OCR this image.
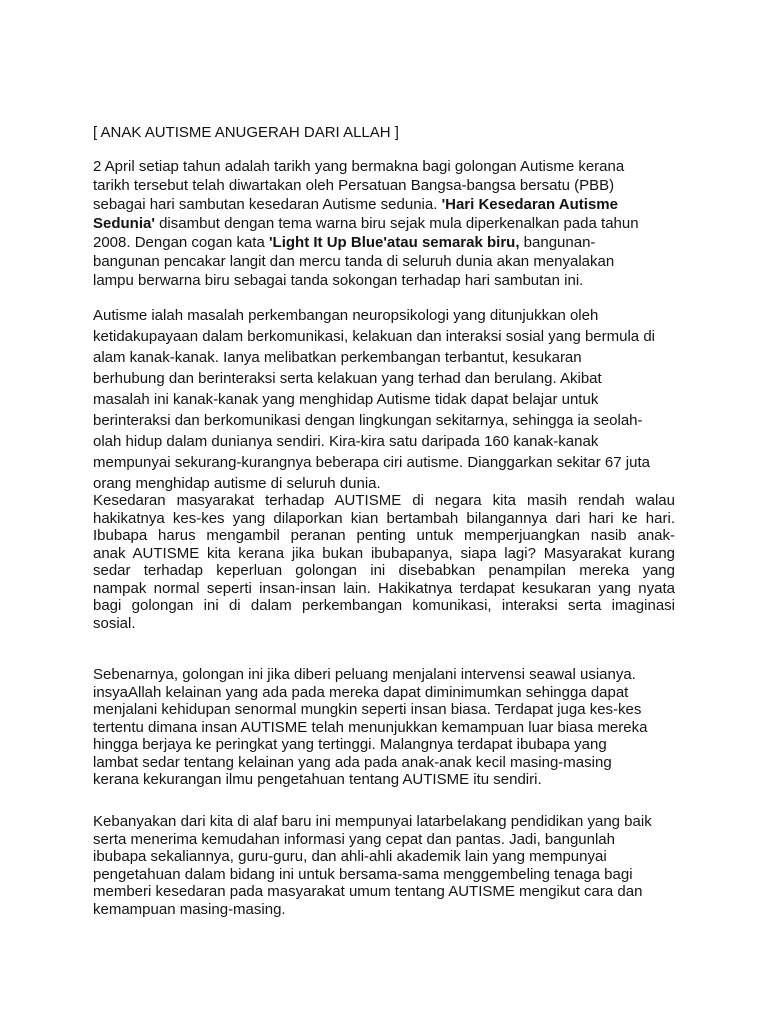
[ ANAK AUTISME ANUGERAH DARI ALLAH ]
2 April setiap tahun adalah tarikh yang bermakna bagi golongan Autisme kerana
tarikh tersebut telah diwartakan oleh Persatuan Bangsa-bangsa bersatu (PBB)
sebagai hari sambutan kesedaran Autisme sedunia. 'Hari Kesedaran Autisme
Sedunia' disambut dengan tema warna biru sejak mula diperkenalkan pada tahun
2008. Dengan cogan kata 'Light It Up Blue'atau semarak biru, bangunan-
bangunan pencakar langit dan mercu tanda di seluruh dunia akan menyalakan
lampu berwarna biru sebagai tanda sokongan terhadap hari sambutan ini.
Autisme ialah masalah perkembangan neuropsikologi yang ditunjukkan oleh
ketidakupayaan dalam berkomunikasi, kelakuan dan interaksi sosial yang bermula di
alam kanak-kanak. Ianya melibatkan perkembangan terbantut, kesukaran
berhubung dan berinteraksi serta kelakuan yang terhad dan berulang. Akibat
masalah ini kanak-kanak yang menghidap Autisme tidak dapat belajar untuk
berinteraksi dan berkomunikasi dengan lingkungan sekitarnya, sehingga ia seolah-
olah hidup dalam dunianya sendiri. Kira-kira satu daripada 160 kanak-kanak
mempunyai sekurang-kurangnya beberapa ciri autisme. Dianggarkan sekitar 67 juta
orang menghidap autisme di seluruh dunia.
Kesedaran masyarakat terhadap AUTISME di negara kita masih rendah walau
hakikatnya kes-kes yang dilaporkan kian bertambah bilangannya dari hari ke hari.
Ibubapa harus mengambil peranan penting untuk memperjuangkan nasib anak-
anak AUTISME kita kerana jika bukan ibubapanya, siapa lagi? Masyarakat kurang
sedar terhadap keperluan golongan ini disebabkan penampilan mereka yang
nampak normal seperti insan-insan lain. Hakikatnya terdapat kesukaran yang nyata
bagi golongan ini di dalam perkembangan komunikasi, interaksi serta imaginasi
sosial.
Sebenarnya, golongan ini jika diberi peluang menjalani intervensi seawal usianya.
insyaAllah kelainan yang ada pada mereka dapat diminimumkan sehingga dapat
menjalani kehidupan senormal mungkin seperti insan biasa. Terdapat juga kes-kes
tertentu dimana insan AUTISME telah menunjukkan kemampuan luar biasa mereka
hingga berjaya ke peringkat yang tertinggi. Malangnya terdapat ibubapa yang
lambat sedar tentang kelainan yang ada pada anak-anak kecil masing-masing
kerana kekurangan ilmu pengetahuan tentang AUTISME itu sendiri.
Kebanyakan dari kita di alaf baru ini mempunyai latarbelakang pendidikan yang baik
serta menerima kemudahan informasi yang cepat dan pantas. Jadi, bangunlah
ibubapa sekaliannya, guru-guru, dan ahli-ahli akademik lain yang mempunyai
pengetahuan dalam bidang ini untuk bersama-sama menggembeling tenaga bagi
memberi kesedaran pada masyarakat umum tentang AUTISME mengikut cara dan
kemampuan masing-masing.
